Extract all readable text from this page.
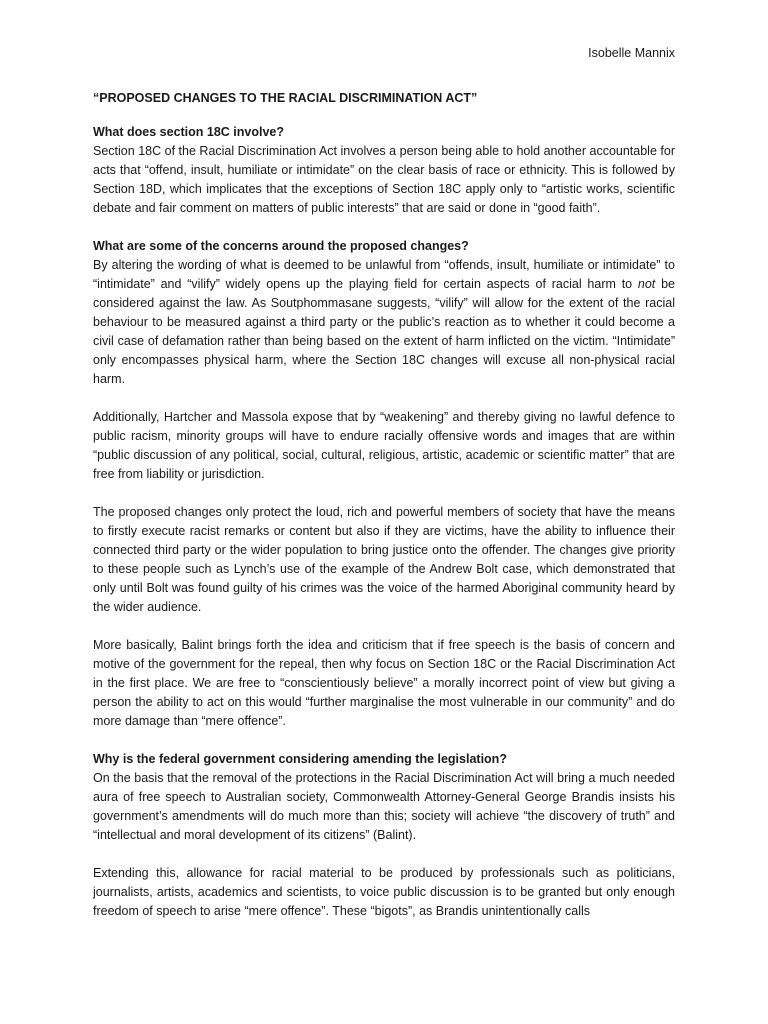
Isobelle Mannix
“PROPOSED CHANGES TO THE RACIAL DISCRIMINATION ACT”

What does section 18C involve?

Section 18C of the Racial Discrimination Act involves a person being able to hold another accountable for acts that “offend, insult, humiliate or intimidate” on the clear basis of race or ethnicity. This is followed by Section 18D, which implicates that the exceptions of Section 18C apply only to “artistic works, scientific debate and fair comment on matters of public interests” that are said or done in “good faith”.

What are some of the concerns around the proposed changes?

By altering the wording of what is deemed to be unlawful from “offends, insult, humiliate or intimidate” to “intimidate” and “vilify” widely opens up the playing field for certain aspects of racial harm to not be considered against the law. As Soutphommasane suggests, “vilify” will allow for the extent of the racial behaviour to be measured against a third party or the public’s reaction as to whether it could become a civil case of defamation rather than being based on the extent of harm inflicted on the victim. “Intimidate” only encompasses physical harm, where the Section 18C changes will excuse all non-physical racial harm.

Additionally, Hartcher and Massola expose that by “weakening” and thereby giving no lawful defence to public racism, minority groups will have to endure racially offensive words and images that are within “public discussion of any political, social, cultural, religious, artistic, academic or scientific matter” that are free from liability or jurisdiction.

The proposed changes only protect the loud, rich and powerful members of society that have the means to firstly execute racist remarks or content but also if they are victims, have the ability to influence their connected third party or the wider population to bring justice onto the offender. The changes give priority to these people such as Lynch’s use of the example of the Andrew Bolt case, which demonstrated that only until Bolt was found guilty of his crimes was the voice of the harmed Aboriginal community heard by the wider audience.

More basically, Balint brings forth the idea and criticism that if free speech is the basis of concern and motive of the government for the repeal, then why focus on Section 18C or the Racial Discrimination Act in the first place. We are free to “conscientiously believe” a morally incorrect point of view but giving a person the ability to act on this would “further marginalise the most vulnerable in our community” and do more damage than “mere offence”.

Why is the federal government considering amending the legislation?

On the basis that the removal of the protections in the Racial Discrimination Act will bring a much needed aura of free speech to Australian society, Commonwealth Attorney-General George Brandis insists his government’s amendments will do much more than this; society will achieve “the discovery of truth” and “intellectual and moral development of its citizens” (Balint).

Extending this, allowance for racial material to be produced by professionals such as politicians, journalists, artists, academics and scientists, to voice public discussion is to be granted but only enough freedom of speech to arise “mere offence”. These “bigots”, as Brandis unintentionally calls
